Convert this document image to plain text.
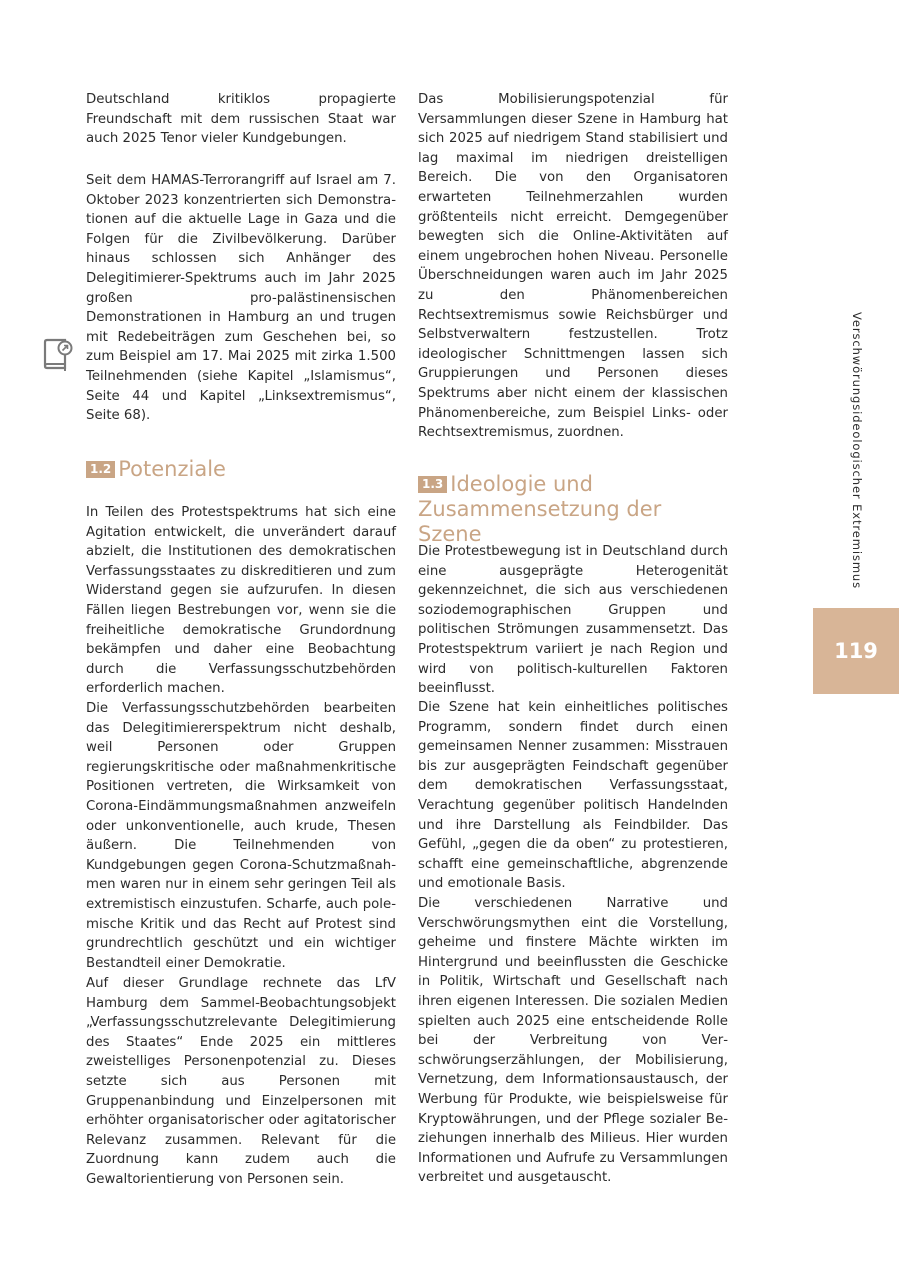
Deutschland kritiklos propagierte Freundschaft mit dem russischen Staat war auch 2025 Tenor vieler Kundgebungen.

Seit dem HAMAS-Terrorangriff auf Israel am 7. Oktober 2023 konzentrierten sich Demonstrationen auf die aktuelle Lage in Gaza und die Folgen für die Zivilbevölkerung. Darüber hinaus schlossen sich Anhänger des Delegitimierer-Spektrums auch im Jahr 2025 großen pro-palästinensischen Demonstrationen in Hamburg an und trugen mit Redebeiträgen zum Geschehen bei, so zum Beispiel am 17. Mai 2025 mit zirka 1.500 Teilnehmenden (siehe Kapitel „Islamismus“, Seite 44 und Kapitel „Linksextremismus“, Seite 68).

1.2 Potenziale

In Teilen des Protestspektrums hat sich eine Agitation entwickelt, die unverändert darauf abzielt, die Institutionen des demokratischen Verfassungsstaates zu diskreditieren und zum Widerstand gegen sie aufzurufen. In diesen Fällen liegen Bestrebungen vor, wenn sie die freiheitliche demokratische Grundordnung bekämpfen und daher eine Beobachtung durch die Verfassungsschutzbehörden erforderlich machen.

Die Verfassungsschutzbehörden bearbeiten das Delegitimiererspektrum nicht deshalb, weil Personen oder Gruppen regierungskritische oder maßnahmenkritische Positionen vertreten, die Wirksamkeit von Corona-Eindämmungsmaßnahmen anzweifeln oder unkonventionelle, auch krude, Thesen äußern. Die Teilnehmenden von Kundgebungen gegen Corona-Schutzmaßnahmen waren nur in einem sehr geringen Teil als extremistisch einzustufen. Scharfe, auch polemische Kritik und das Recht auf Protest sind grundrechtlich geschützt und ein wichtiger Bestandteil einer Demokratie.

Auf dieser Grundlage rechnete das LfV Hamburg dem Sammel-Beobachtungsobjekt „Verfassungsschutzrelevante Delegitimierung des Staates“ Ende 2025 ein mittleres zweistelliges Personenpotenzial zu. Dieses setzte sich aus Personen mit Gruppenanbindung und Einzelpersonen mit erhöhter organisatorischer oder agitatorischer Relevanz zusammen. Relevant für die Zuordnung kann zudem auch die Gewaltorientierung von Personen sein.

Das Mobilisierungspotenzial für Versammlungen dieser Szene in Hamburg hat sich 2025 auf niedrigem Stand stabilisiert und lag maximal im niedrigen dreistelligen Bereich. Die von den Organisatoren erwarteten Teilnehmerzahlen wurden größtenteils nicht erreicht. Demgegenüber bewegten sich die Online-Aktivitäten auf einem ungebrochen hohen Niveau. Personelle Überschneidungen waren auch im Jahr 2025 zu den Phänomenbereichen Rechtsextremismus sowie Reichsbürger und Selbstverwaltern festzustellen. Trotz ideologischer Schnittmengen lassen sich Gruppierungen und Personen dieses Spektrums aber nicht einem der klassischen Phänomenbereiche, zum Beispiel Links- oder Rechtsextremismus, zuordnen.

1.3 Ideologie und
Zusammensetzung der Szene

Die Protestbewegung ist in Deutschland durch eine ausgeprägte Heterogenität gekennzeichnet, die sich aus verschiedenen soziodemographischen Gruppen und politischen Strömungen zusammensetzt. Das Protestspektrum variiert je nach Region und wird von politisch-kulturellen Faktoren beeinflusst.

Die Szene hat kein einheitliches politisches Programm, sondern findet durch einen gemeinsamen Nenner zusammen: Misstrauen bis zur ausgeprägten Feindschaft gegenüber dem demokratischen Verfassungsstaat, Verachtung gegenüber politisch Handelnden und ihre Darstellung als Feindbilder. Das Gefühl, „gegen die da oben“ zu protestieren, schafft eine gemeinschaftliche, abgrenzende und emotionale Basis.

Die verschiedenen Narrative und Verschwörungsmythen eint die Vorstellung, geheime und finstere Mächte wirkten im Hintergrund und beeinflussten die Geschicke in Politik, Wirtschaft und Gesellschaft nach ihren eigenen Interessen. Die sozialen Medien spielten auch 2025 eine entscheidende Rolle bei der Verbreitung von Verschwörungserzählungen, der Mobilisierung, Vernetzung, dem Informationsaustausch, der Werbung für Produkte, wie beispielsweise für Kryptowährungen, und der Pflege sozialer Beziehungen innerhalb des Milieus. Hier wurden Informationen und Aufrufe zu Versammlungen verbreitet und ausgetauscht.

Verschwörungsideologischer Extremismus
119
